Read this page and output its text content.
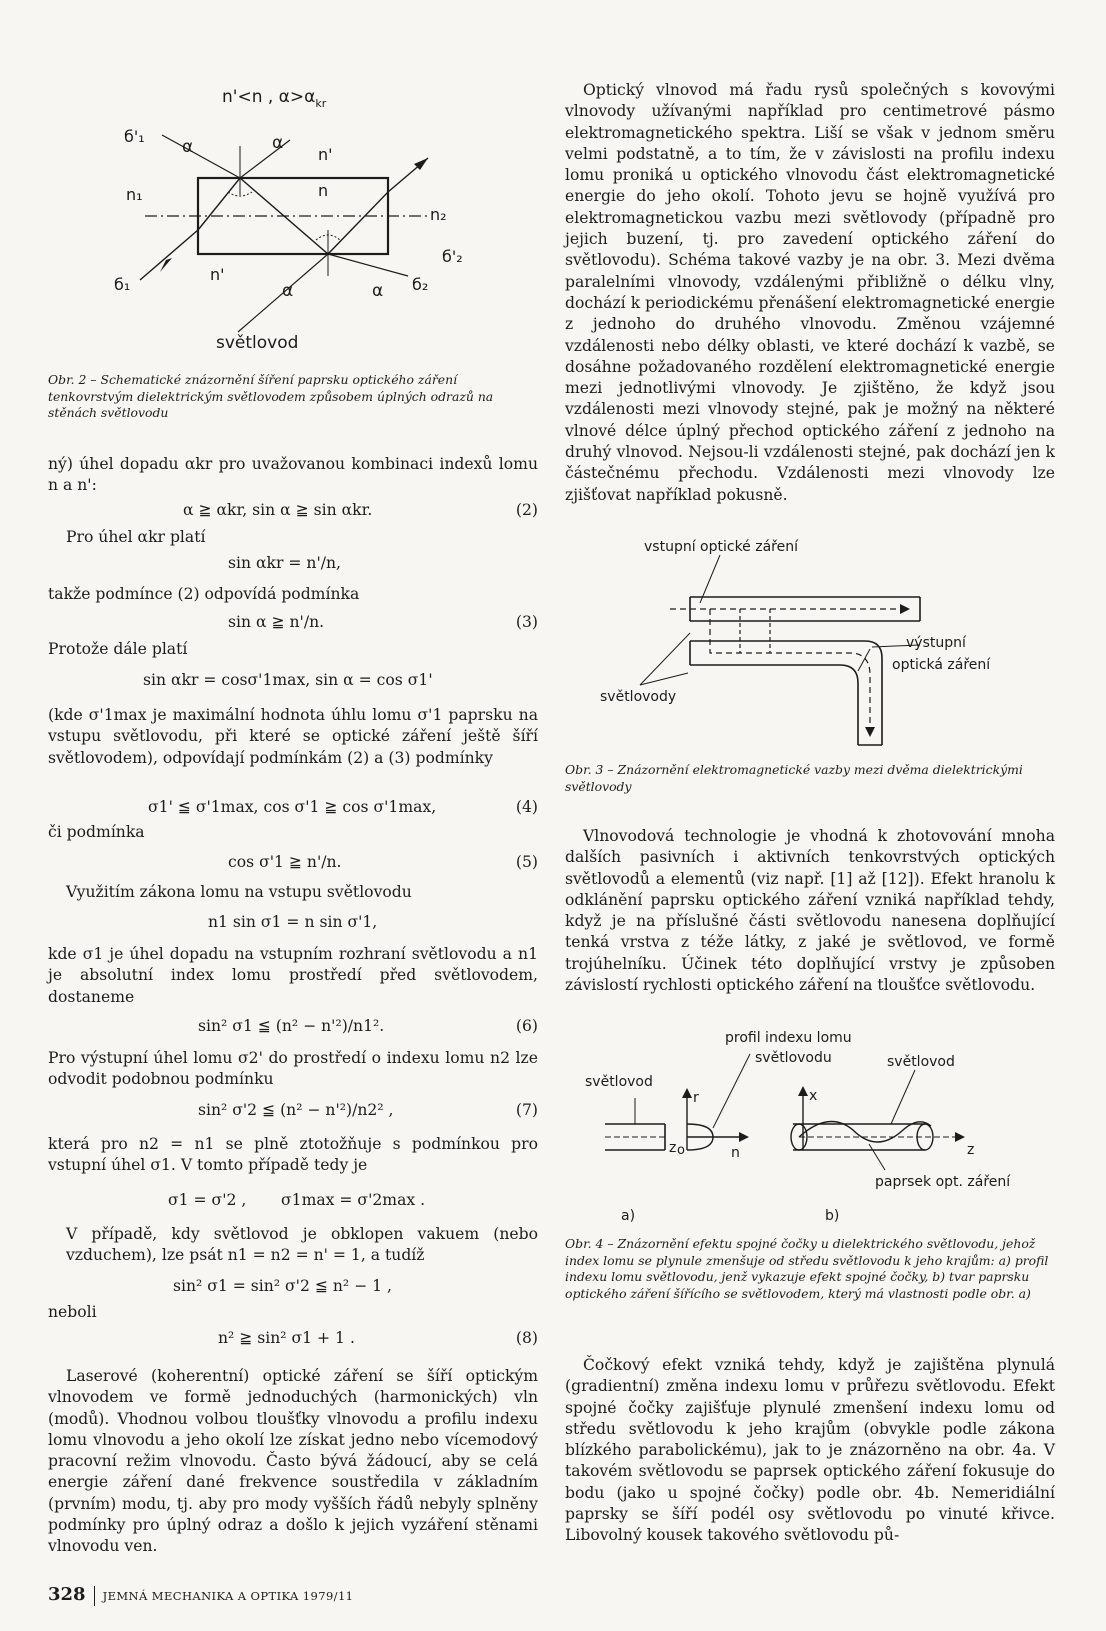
n'<n , $\alpha>\alpha_{kr}$
б'₁
α	α
n'
n₁	n
n₂
б'₂
б₁
n'
α	α б₂
světlovod

Obr. 2 – Schematické znázornění šíření paprsku optického záření tenkovrstvým dielektrickým světlovodem způsobem úplných odrazů na stěnách světlovodu

ný) úhel dopadu αkr pro uvažovanou kombinaci indexů lomu n a n':

α ≧ αkr, sin α ≧ sin αkr.	(2)

Pro úhel αkr platí

sin αkr = n'/n,

takže podmínce (2) odpovídá podmínka

sin α ≧ n'/n.	(3)

Protože dále platí

sin αkr = cosσ'1max, sin α = cos σ1'

(kde σ'1max je maximální hodnota úhlu lomu σ'1 paprsku na vstupu světlovodu, při které se optické záření ještě šíří světlovodem), odpovídají podmínkám (2) a (3) podmínky

σ1' ≦ σ'1max, cos σ'1 ≧ cos σ'1max,	(4)

či podmínka

cos σ'1 ≧ n'/n.	(5)

Využitím zákona lomu na vstupu světlovodu

n1 sin σ1 = n sin σ'1,

kde σ1 je úhel dopadu na vstupním rozhraní světlovodu a n1 je absolutní index lomu prostředí před světlovodem, dostaneme

sin² σ1 ≦ (n² − n'²)/n1².	(6)

Pro výstupní úhel lomu σ2' do prostředí o indexu lomu n2 lze odvodit podobnou podmínku

sin² σ'2 ≦ (n² − n'²)/n2² ,	(7)

která pro n2 = n1 se plně ztotožňuje s podmínkou pro vstupní úhel σ1. V tomto případě tedy je

σ1 = σ'2 ,       σ1max = σ'2max .

V případě, kdy světlovod je obklopen vakuem (nebo vzduchem), lze psát n1 = n2 = n' = 1, a tudíž

sin² σ1 = sin² σ'2 ≦ n² − 1 ,

neboli

n² ≧ sin² σ1 + 1 .	(8)

Laserové (koherentní) optické záření se šíří optickým vlnovodem ve formě jednoduchých (harmonických) vln (modů). Vhodnou volbou tloušťky vlnovodu a profilu indexu lomu vlnovodu a jeho okolí lze získat jedno nebo vícemodový pracovní režim vlnovodu. Často bývá žádoucí, aby se celá energie záření dané frekvence soustředila v základním (prvním) modu, tj. aby pro mody vyšších řádů nebyly splněny podmínky pro úplný odraz a došlo k jejich vyzáření stěnami vlnovodu ven.

Optický vlnovod má řadu rysů společných s kovovými vlnovody užívanými například pro centimetrové pásmo elektromagnetického spektra. Liší se však v jednom směru velmi podstatně, a to tím, že v závislosti na profilu indexu lomu proniká u optického vlnovodu část elektromagnetické energie do jeho okolí. Tohoto jevu se hojně využívá pro elektromagnetickou vazbu mezi světlovody (případně pro jejich buzení, tj. pro zavedení optického záření do světlovodu). Schéma takové vazby je na obr. 3. Mezi dvěma paralelními vlnovody, vzdálenými přibližně o délku vlny, dochází k periodickému přenášení elektromagnetické energie z jednoho do druhého vlnovodu. Změnou vzájemné vzdálenosti nebo délky oblasti, ve které dochází k vazbě, se dosáhne požadovaného rozdělení elektromagnetické energie mezi jednotlivými vlnovody. Je zjištěno, že když jsou vzdálenosti mezi vlnovody stejné, pak je možný na některé vlnové délce úplný přechod optického záření z jednoho na druhý vlnovod. Nejsou-li vzdálenosti stejné, pak dochází jen k částečnému přechodu. Vzdálenosti mezi vlnovody lze zjišťovat například pokusně.

Obr. 3 – Znázornění elektromagnetické vazby mezi dvěma dielektrickými světlovody

Vlnovodová technologie je vhodná k zhotovování mnoha dalších pasivních i aktivních tenkovrstvých optických světlovodů a elementů (viz např. [1] až [12]). Efekt hranolu k odklánění paprsku optického záření vzniká například tehdy, když je na příslušné části světlovodu nanesena doplňující tenká vrstva z téže látky, z jaké je světlovod, ve formě trojúhelníku. Účinek této doplňující vrstvy je způsoben závislostí rychlosti optického záření na tloušťce světlovodu.

Obr. 4 – Znázornění efektu spojné čočky u dielektrického světlovodu, jehož index lomu se plynule zmenšuje od středu světlovodu k jeho krajům: a) profil indexu lomu světlovodu, jenž vykazuje efekt spojné čočky, b) tvar paprsku optického záření šířícího se světlovodem, který má vlastnosti podle obr. a)

Čočkový efekt vzniká tehdy, když je zajištěna plynulá (gradientní) změna indexu lomu v průřezu světlovodu. Efekt spojné čočky zajišťuje plynulé zmenšení indexu lomu od středu světlovodu k jeho krajům (obvykle podle zákona blízkého parabolickému), jak to je znázorněno na obr. 4a. V takovém světlovodu se paprsek optického záření fokusuje do bodu (jako u spojné čočky) podle obr. 4b. Nemeridiální paprsky se šíří podél osy světlovodu po vinuté křivce. Libovolný kousek takového světlovodu pů-

vstupní optické záření
výstupní
optická záření
světlovody
profil indexu lomu
světlovodu
světlovod
světlovod
r
z o	n
x
z
paprsek opt. záření
a)	b)
328 JEMNÁ MECHANIKA A OPTIKA 1979/11
